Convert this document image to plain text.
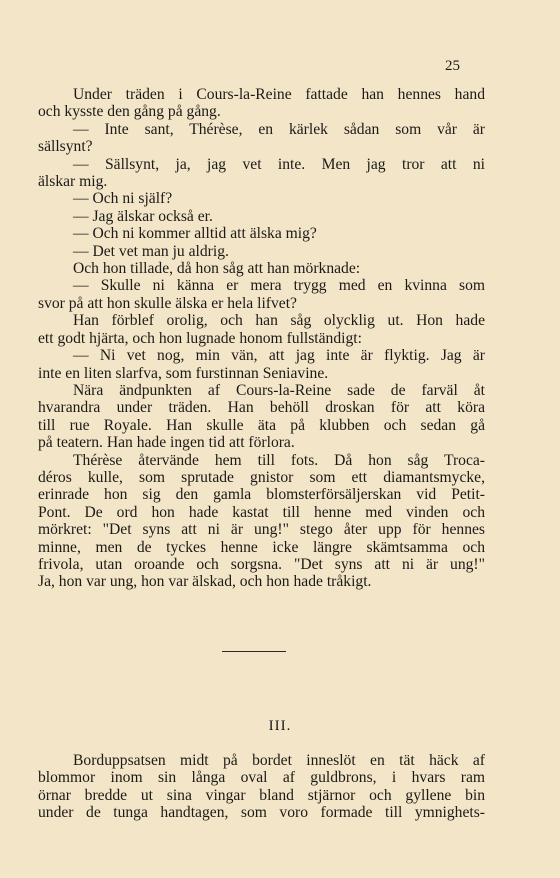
25
Under träden i Cours-la-Reine fattade han hennes hand
och kysste den gång på gång.
— Inte sant, Thérèse, en kärlek sådan som vår är
sällsynt?
— Sällsynt, ja, jag vet inte. Men jag tror att ni
älskar mig.
— Och ni själf?
— Jag älskar också er.
— Och ni kommer alltid att älska mig?
— Det vet man ju aldrig.
Och hon tillade, då hon såg att han mörknade:
— Skulle ni känna er mera trygg med en kvinna som
svor på att hon skulle älska er hela lifvet?
Han förblef orolig, och han såg olycklig ut. Hon hade
ett godt hjärta, och hon lugnade honom fullständigt:
— Ni vet nog, min vän, att jag inte är flyktig. Jag är
inte en liten slarfva, som furstinnan Seniavine.
Nära ändpunkten af Cours-la-Reine sade de farväl åt
hvarandra under träden. Han behöll droskan för att köra
till rue Royale. Han skulle äta på klubben och sedan gå
på teatern. Han hade ingen tid att förlora.
Thérèse återvände hem till fots. Då hon såg Troca-
déros kulle, som sprutade gnistor som ett diamantsmycke,
erinrade hon sig den gamla blomsterförsäljerskan vid Petit-
Pont. De ord hon hade kastat till henne med vinden och
mörkret: "Det syns att ni är ung!" stego åter upp för hennes
minne, men de tyckes henne icke längre skämtsamma och
frivola, utan oroande och sorgsna. "Det syns att ni är ung!"
Ja, hon var ung, hon var älskad, och hon hade tråkigt.
III.
Borduppsatsen midt på bordet inneslöt en tät häck af
blommor inom sin långa oval af guldbrons, i hvars ram
örnar bredde ut sina vingar bland stjärnor och gyllene bin
under de tunga handtagen, som voro formade till ymnighets-
